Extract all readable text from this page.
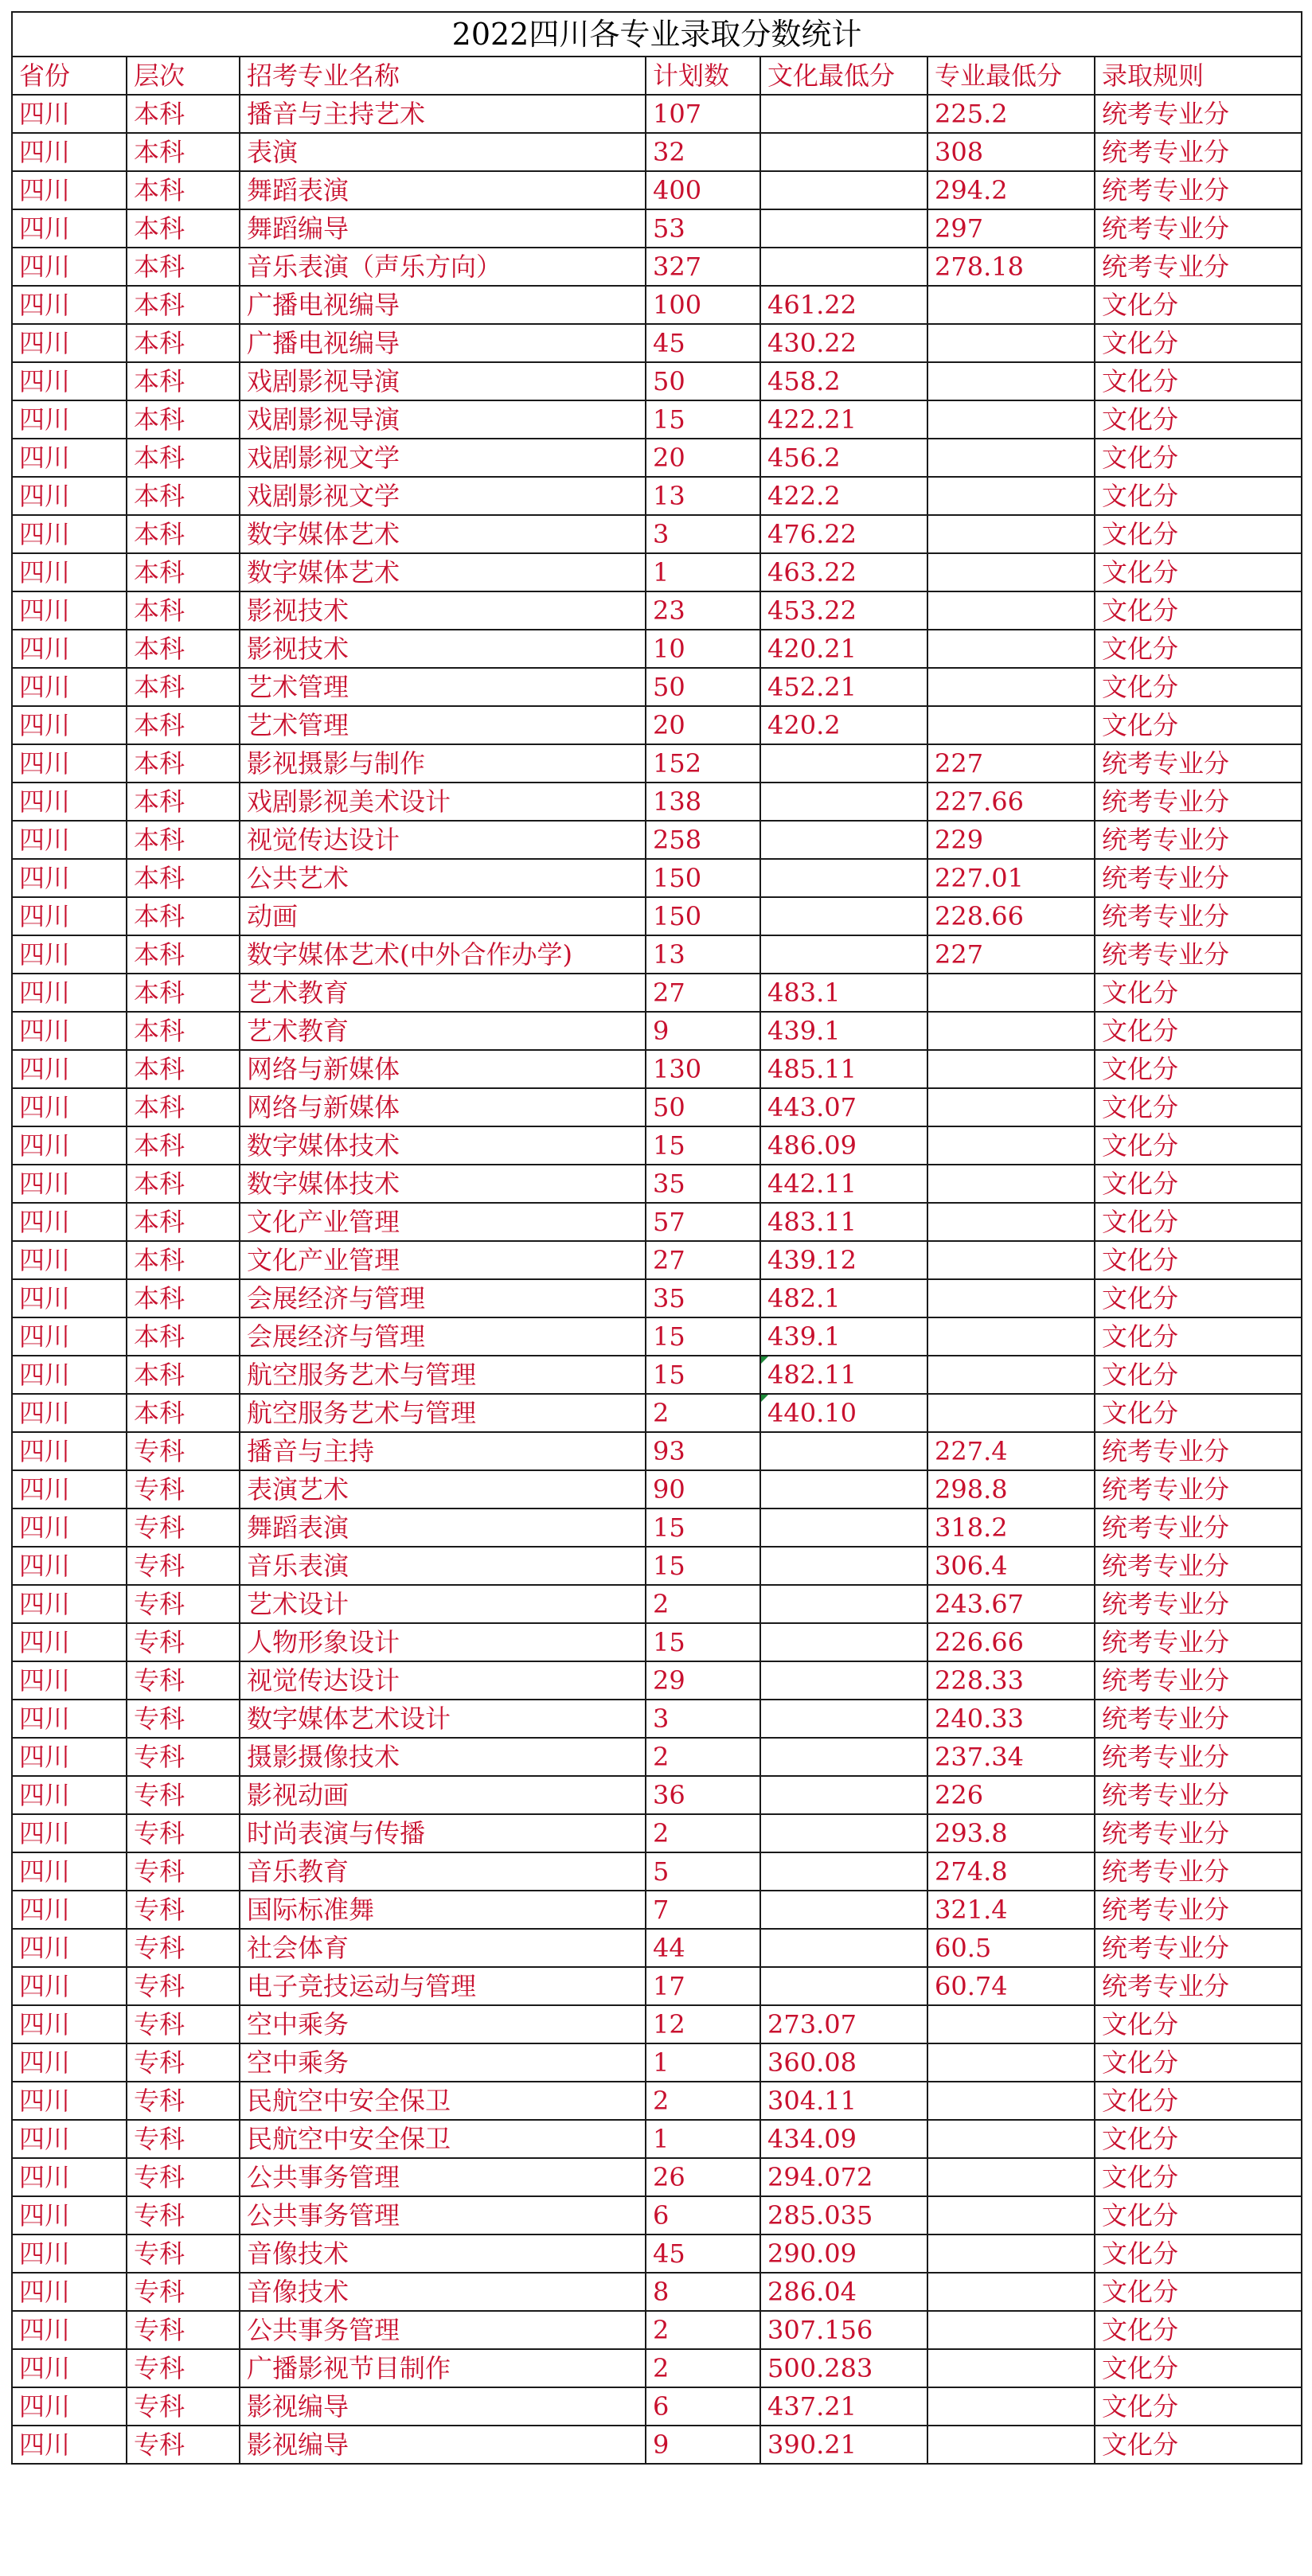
2022四川各专业录取分数统计						
省份	层次	招考专业名称	计划数	文化最低分	专业最低分	录取规则
四川	本科	播音与主持艺术	107		225.2	统考专业分
四川	本科	表演	32		308	统考专业分
四川	本科	舞蹈表演	400		294.2	统考专业分
四川	本科	舞蹈编导	53		297	统考专业分
四川	本科	音乐表演（声乐方向）	327		278.18	统考专业分
四川	本科	广播电视编导	100	461.22		文化分
四川	本科	广播电视编导	45	430.22		文化分
四川	本科	戏剧影视导演	50	458.2		文化分
四川	本科	戏剧影视导演	15	422.21		文化分
四川	本科	戏剧影视文学	20	456.2		文化分
四川	本科	戏剧影视文学	13	422.2		文化分
四川	本科	数字媒体艺术	3	476.22		文化分
四川	本科	数字媒体艺术	1	463.22		文化分
四川	本科	影视技术	23	453.22		文化分
四川	本科	影视技术	10	420.21		文化分
四川	本科	艺术管理	50	452.21		文化分
四川	本科	艺术管理	20	420.2		文化分
四川	本科	影视摄影与制作	152		227	统考专业分
四川	本科	戏剧影视美术设计	138		227.66	统考专业分
四川	本科	视觉传达设计	258		229	统考专业分
四川	本科	公共艺术	150		227.01	统考专业分
四川	本科	动画	150		228.66	统考专业分
四川	本科	数字媒体艺术(中外合作办学)	13		227	统考专业分
四川	本科	艺术教育	27	483.1		文化分
四川	本科	艺术教育	9	439.1		文化分
四川	本科	网络与新媒体	130	485.11		文化分
四川	本科	网络与新媒体	50	443.07		文化分
四川	本科	数字媒体技术	15	486.09		文化分
四川	本科	数字媒体技术	35	442.11		文化分
四川	本科	文化产业管理	57	483.11		文化分
四川	本科	文化产业管理	27	439.12		文化分
四川	本科	会展经济与管理	35	482.1		文化分
四川	本科	会展经济与管理	15	439.1		文化分
四川	本科	航空服务艺术与管理	15	482.11		文化分
四川	本科	航空服务艺术与管理	2	440.10		文化分
四川	专科	播音与主持	93		227.4	统考专业分
四川	专科	表演艺术	90		298.8	统考专业分
四川	专科	舞蹈表演	15		318.2	统考专业分
四川	专科	音乐表演	15		306.4	统考专业分
四川	专科	艺术设计	2		243.67	统考专业分
四川	专科	人物形象设计	15		226.66	统考专业分
四川	专科	视觉传达设计	29		228.33	统考专业分
四川	专科	数字媒体艺术设计	3		240.33	统考专业分
四川	专科	摄影摄像技术	2		237.34	统考专业分
四川	专科	影视动画	36		226	统考专业分
四川	专科	时尚表演与传播	2		293.8	统考专业分
四川	专科	音乐教育	5		274.8	统考专业分
四川	专科	国际标准舞	7		321.4	统考专业分
四川	专科	社会体育	44		60.5	统考专业分
四川	专科	电子竞技运动与管理	17		60.74	统考专业分
四川	专科	空中乘务	12	273.07		文化分
四川	专科	空中乘务	1	360.08		文化分
四川	专科	民航空中安全保卫	2	304.11		文化分
四川	专科	民航空中安全保卫	1	434.09		文化分
四川	专科	公共事务管理	26	294.072		文化分
四川	专科	公共事务管理	6	285.035		文化分
四川	专科	音像技术	45	290.09		文化分
四川	专科	音像技术	8	286.04		文化分
四川	专科	公共事务管理	2	307.156		文化分
四川	专科	广播影视节目制作	2	500.283		文化分
四川	专科	影视编导	6	437.21		文化分
四川	专科	影视编导	9	390.21		文化分
